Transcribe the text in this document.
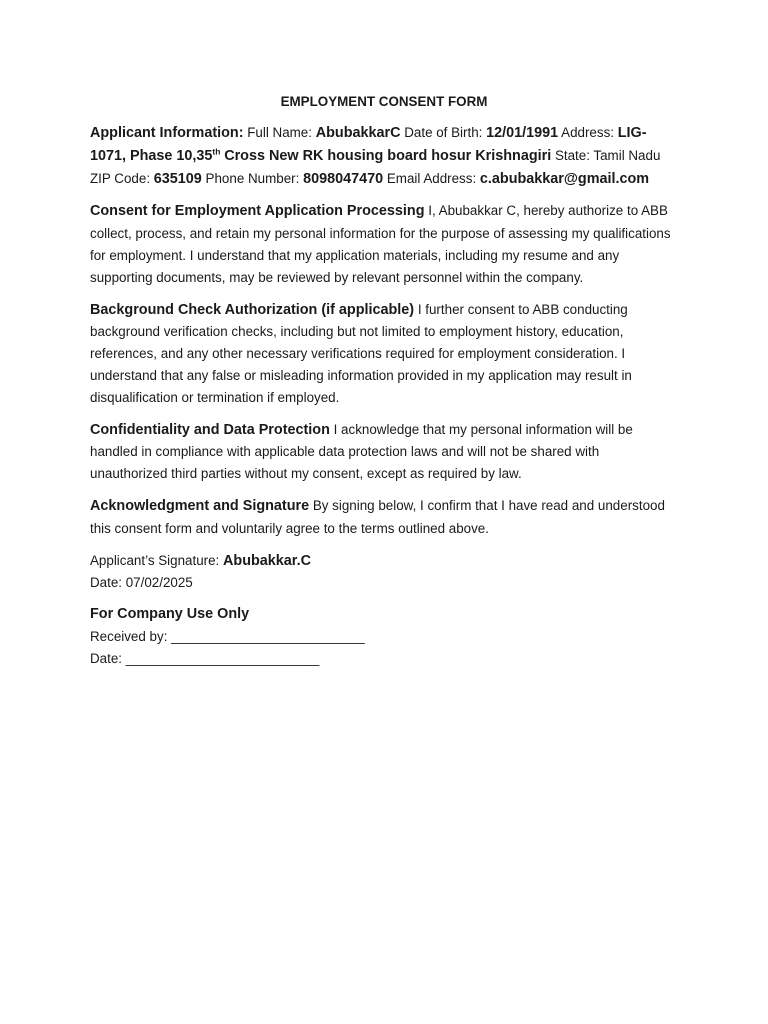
EMPLOYMENT CONSENT FORM

Applicant Information: Full Name: AbubakkarC Date of Birth: 12/01/1991 Address: LIG-1071, Phase 10,35th Cross New RK housing board hosur Krishnagiri State: Tamil Nadu ZIP Code: 635109 Phone Number: 8098047470 Email Address: c.abubakkar@gmail.com

Consent for Employment Application Processing I, Abubakkar C, hereby authorize to ABB collect, process, and retain my personal information for the purpose of assessing my qualifications for employment. I understand that my application materials, including my resume and any supporting documents, may be reviewed by relevant personnel within the company.

Background Check Authorization (if applicable) I further consent to ABB conducting background verification checks, including but not limited to employment history, education, references, and any other necessary verifications required for employment consideration. I understand that any false or misleading information provided in my application may result in disqualification or termination if employed.

Confidentiality and Data Protection I acknowledge that my personal information will be handled in compliance with applicable data protection laws and will not be shared with unauthorized third parties without my consent, except as required by law.

Acknowledgment and Signature By signing below, I confirm that I have read and understood this consent form and voluntarily agree to the terms outlined above.

Applicant’s Signature: Abubakkar.C
Date: 07/02/2025
For Company Use Only
Received by: __________________________
Date: __________________________
